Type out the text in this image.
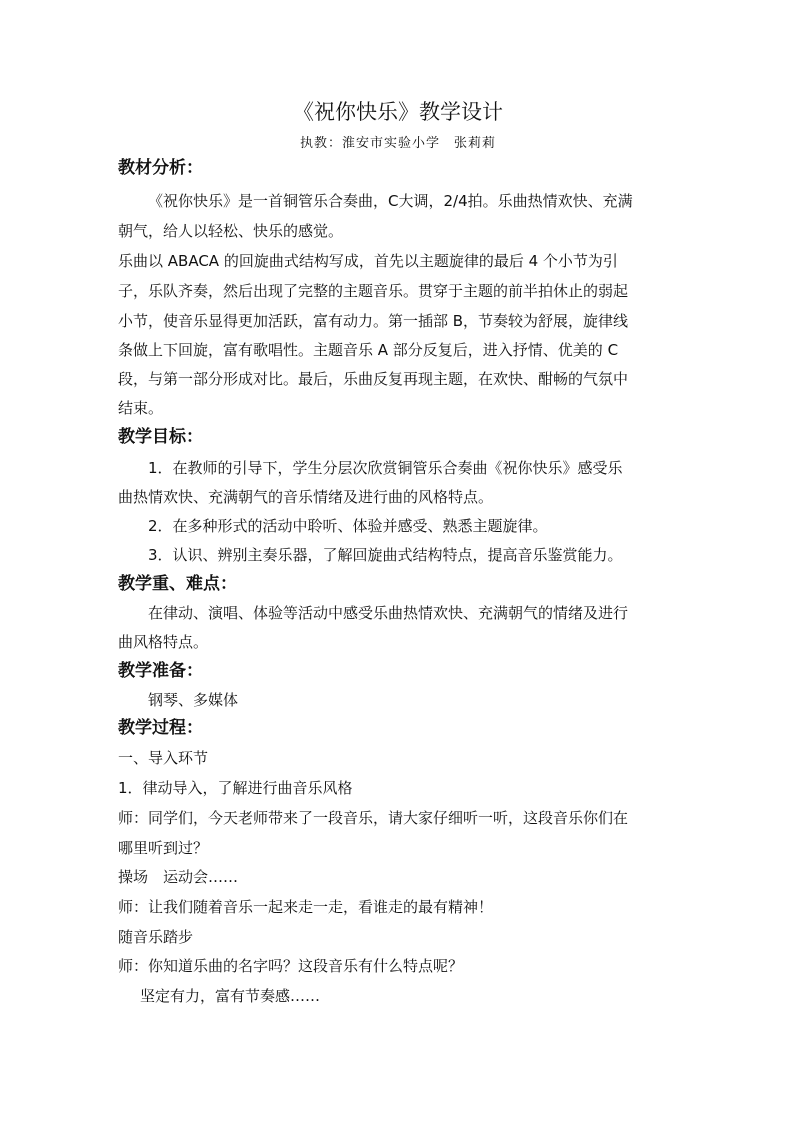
《祝你快乐》教学设计
执教：淮安市实验小学　张莉莉
教材分析：
《祝你快乐》是一首铜管乐合奏曲，C大调，2/4拍。乐曲热情欢快、充满
朝气，给人以轻松、快乐的感觉。
乐曲以 ABACA 的回旋曲式结构写成，首先以主题旋律的最后 4 个小节为引
子，乐队齐奏，然后出现了完整的主题音乐。贯穿于主题的前半拍休止的弱起
小节，使音乐显得更加活跃，富有动力。第一插部 B，节奏较为舒展，旋律线
条做上下回旋，富有歌唱性。主题音乐 A 部分反复后，进入抒情、优美的 C
段，与第一部分形成对比。最后，乐曲反复再现主题，在欢快、酣畅的气氛中
结束。
教学目标：
1．在教师的引导下，学生分层次欣赏铜管乐合奏曲《祝你快乐》感受乐
曲热情欢快、充满朝气的音乐情绪及进行曲的风格特点。
2．在多种形式的活动中聆听、体验并感受、熟悉主题旋律。
3．认识、辨别主奏乐器，了解回旋曲式结构特点，提高音乐鉴赏能力。
教学重、难点：
在律动、演唱、体验等活动中感受乐曲热情欢快、充满朝气的情绪及进行
曲风格特点。
教学准备：
钢琴、多媒体
教学过程：
一、导入环节
1．律动导入，了解进行曲音乐风格
师：同学们，今天老师带来了一段音乐，请大家仔细听一听，这段音乐你们在
哪里听到过？
操场　运动会……
师：让我们随着音乐一起来走一走，看谁走的最有精神！
随音乐踏步
师：你知道乐曲的名字吗？这段音乐有什么特点呢？
坚定有力，富有节奏感……
